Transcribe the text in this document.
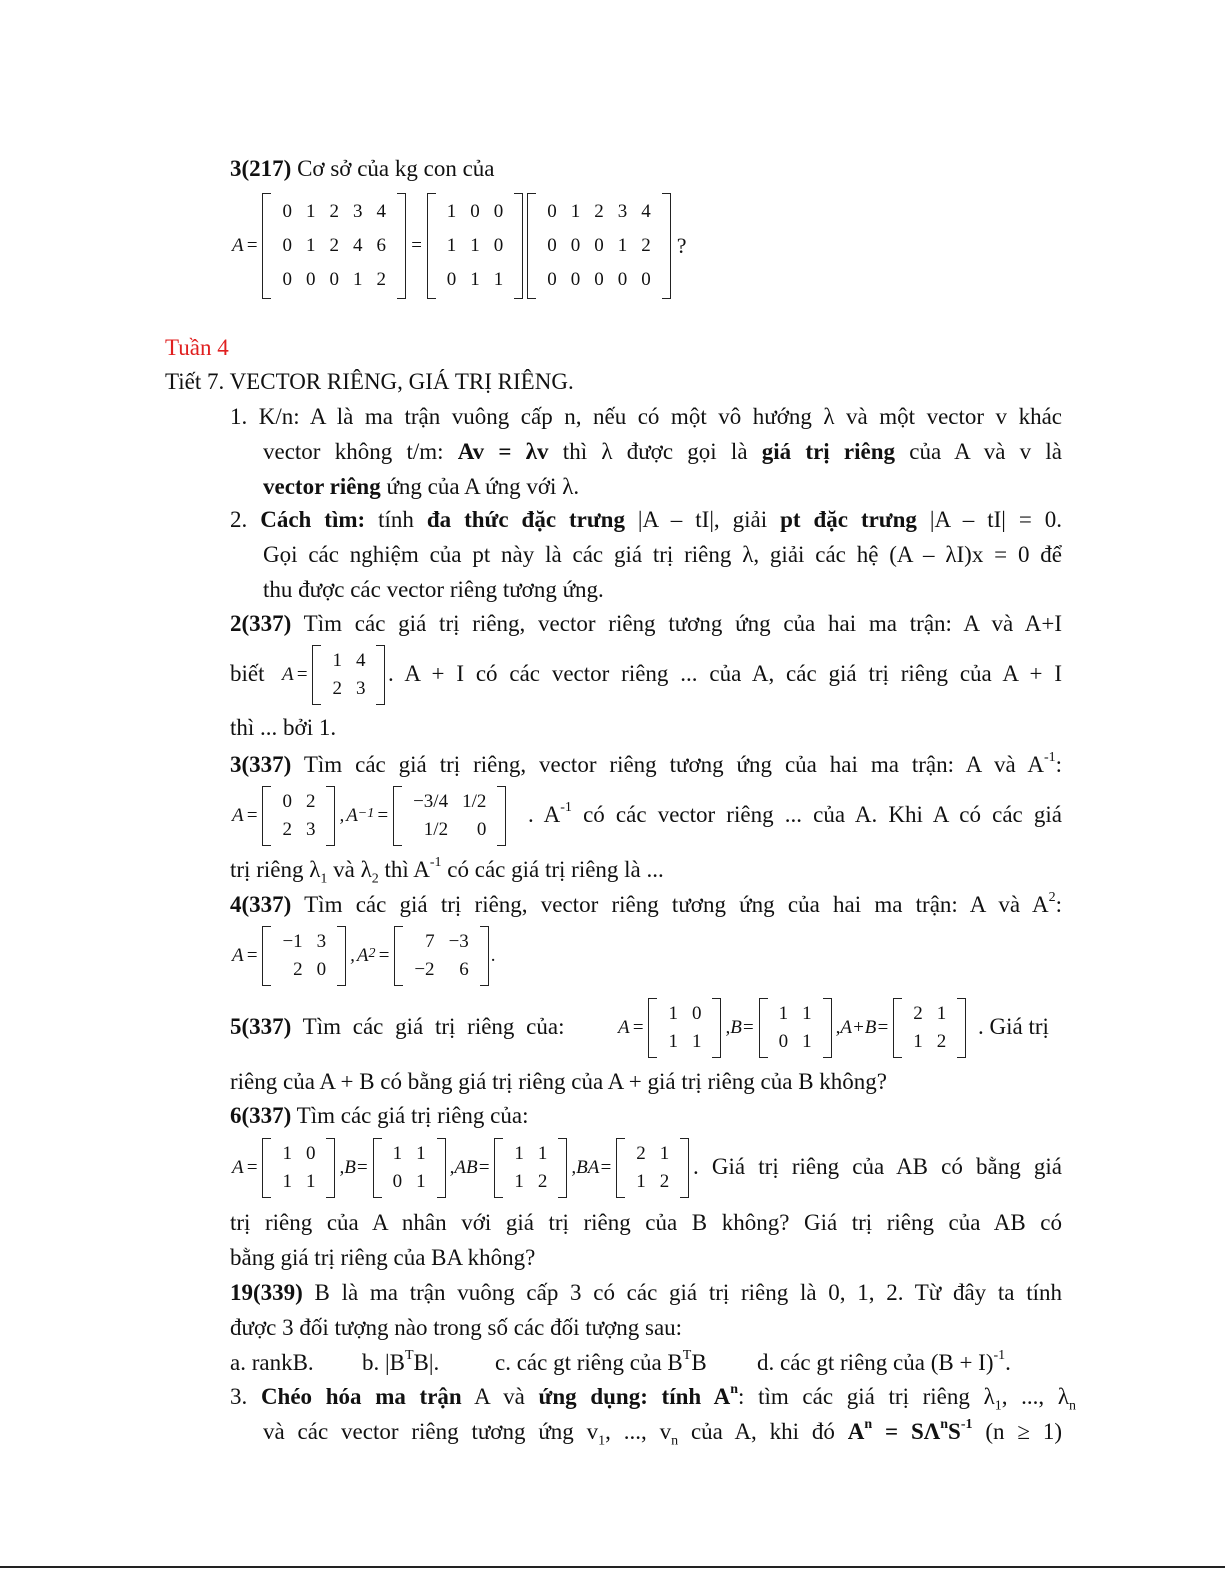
3(217) Cơ sở của kg con của
A =
0 1 2 3 4
0 1 2 4 6
0 0 0 1 2
=
1 0 0
1 1 0
0 1 1
0 1 2 3 4
0 0 0 1 2
0 0 0 0 0
?
Tuần 4
Tiết 7. VECTOR RIÊNG, GIÁ TRỊ RIÊNG.
1. K/n: A là ma trận vuông cấp n, nếu có một vô hướng λ và một vector v khác
vector không t/m: Av = λv thì λ được gọi là giá trị riêng của A và v là
vector riêng ứng của A ứng với λ.
2. Cách tìm: tính đa thức đặc trưng |A – tI|, giải pt đặc trưng |A – tI| = 0.
Gọi các nghiệm của pt này là các giá trị riêng λ, giải các hệ (A – λI)x = 0 để
thu được các vector riêng tương ứng.
2(337) Tìm các giá trị riêng, vector riêng tương ứng của hai ma trận: A và A+I
biết A =
1 4
2 3
. A + I có các vector riêng ... của A, các giá trị riêng của A + I
thì ... bởi 1.
3(337) Tìm các giá trị riêng, vector riêng tương ứng của hai ma trận: A và $A^{-1}$:
A =
0 2
2 3
, $A^{-1}$ =
−3/4 1/2
1/2	0
. $A^{-1}$ có các vector riêng ... của A. Khi A có các giá
trị riêng $\lambda_1$ và $\lambda_2$ thì $A^{-1}$ có các giá trị riêng là ...
4(337) Tìm các giá trị riêng, vector riêng tương ứng của hai ma trận: A và $A^2$:
A =
−1 3
2 0
, $A^2$ =
7 −3
−2	6
.
5(337) Tìm các giá trị riêng của:	A =
1 0
1 1
,B=
1 1
0 1
,A+B=
2 1
1 2
. Giá trị
riêng của A + B có bằng giá trị riêng của A + giá trị riêng của B không?
6(337) Tìm các giá trị riêng của:
A =
1 0
1 1
,B=
1 1
0 1
,AB=
1 1
1 2
,BA=
2 1
1 2
. Giá trị riêng của AB có bằng giá
trị riêng của A nhân với giá trị riêng của B không? Giá trị riêng của AB có
bằng giá trị riêng của BA không?
19(339) B là ma trận vuông cấp 3 có các giá trị riêng là 0, 1, 2. Từ đây ta tính
được 3 đối tượng nào trong số các đối tượng sau:
a. rankB. b. $|B^TB|$. c. các gt riêng của $B^TB$ d. các gt riêng của $(B + I)^{-1}$.
3. Chéo hóa ma trận A và ứng dụng: tính $A^n$: tìm các giá trị riêng $\lambda_1$, ..., $\lambda_n$
và các vector riêng tương ứng $v_1$, ..., $v_n$ của A, khi đó $A^n = S\Lambda^nS^{-1}$ (n ≥ 1)
